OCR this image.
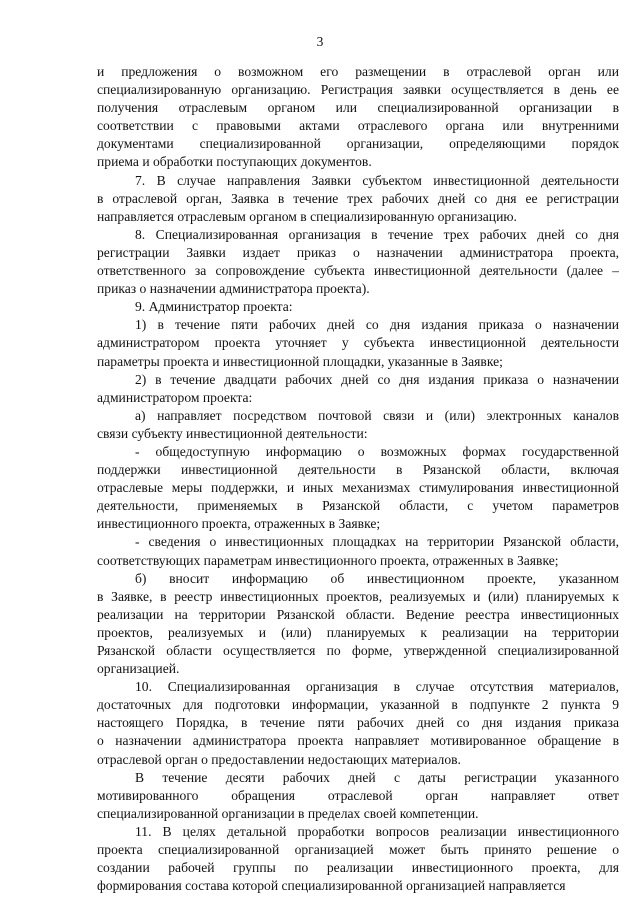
3
и предложения о возможном его размещении в отраслевой орган или
специализированную организацию. Регистрация заявки осуществляется в день ее
получения отраслевым органом или специализированной организации в
соответствии с правовыми актами отраслевого органа или внутренними
документами специализированной организации, определяющими порядок
приема и обработки поступающих документов.
7. В случае направления Заявки субъектом инвестиционной деятельности
в отраслевой орган, Заявка в течение трех рабочих дней со дня ее регистрации
направляется отраслевым органом в специализированную организацию.
8. Специализированная организация в течение трех рабочих дней со дня
регистрации Заявки издает приказ о назначении администратора проекта,
ответственного за сопровождение субъекта инвестиционной деятельности (далее –
приказ о назначении администратора проекта).
9. Администратор проекта:
1) в течение пяти рабочих дней со дня издания приказа о назначении
администратором проекта уточняет у субъекта инвестиционной деятельности
параметры проекта и инвестиционной площадки, указанные в Заявке;
2) в течение двадцати рабочих дней со дня издания приказа о назначении
администратором проекта:
а) направляет посредством почтовой связи и (или) электронных каналов
связи субъекту инвестиционной деятельности:
- общедоступную информацию о возможных формах государственной
поддержки инвестиционной деятельности в Рязанской области, включая
отраслевые меры поддержки, и иных механизмах стимулирования инвестиционной
деятельности, применяемых в Рязанской области, с учетом параметров
инвестиционного проекта, отраженных в Заявке;
- сведения о инвестиционных площадках на территории Рязанской области,
соответствующих параметрам инвестиционного проекта, отраженных в Заявке;
б) вносит информацию об инвестиционном проекте, указанном
в Заявке, в реестр инвестиционных проектов, реализуемых и (или) планируемых к
реализации на территории Рязанской области. Ведение реестра инвестиционных
проектов, реализуемых и (или) планируемых к реализации на территории
Рязанской области осуществляется по форме, утвержденной специализированной
организацией.
10. Специализированная организация в случае отсутствия материалов,
достаточных для подготовки информации, указанной в подпункте 2 пункта 9
настоящего Порядка, в течение пяти рабочих дней со дня издания приказа
о назначении администратора проекта направляет мотивированное обращение в
отраслевой орган о предоставлении недостающих материалов.
В течение десяти рабочих дней с даты регистрации указанного
мотивированного обращения отраслевой орган направляет ответ
специализированной организации в пределах своей компетенции.
11. В целях детальной проработки вопросов реализации инвестиционного
проекта специализированной организацией может быть принято решение о
создании рабочей группы по реализации инвестиционного проекта, для
формирования состава которой специализированной организацией направляется
